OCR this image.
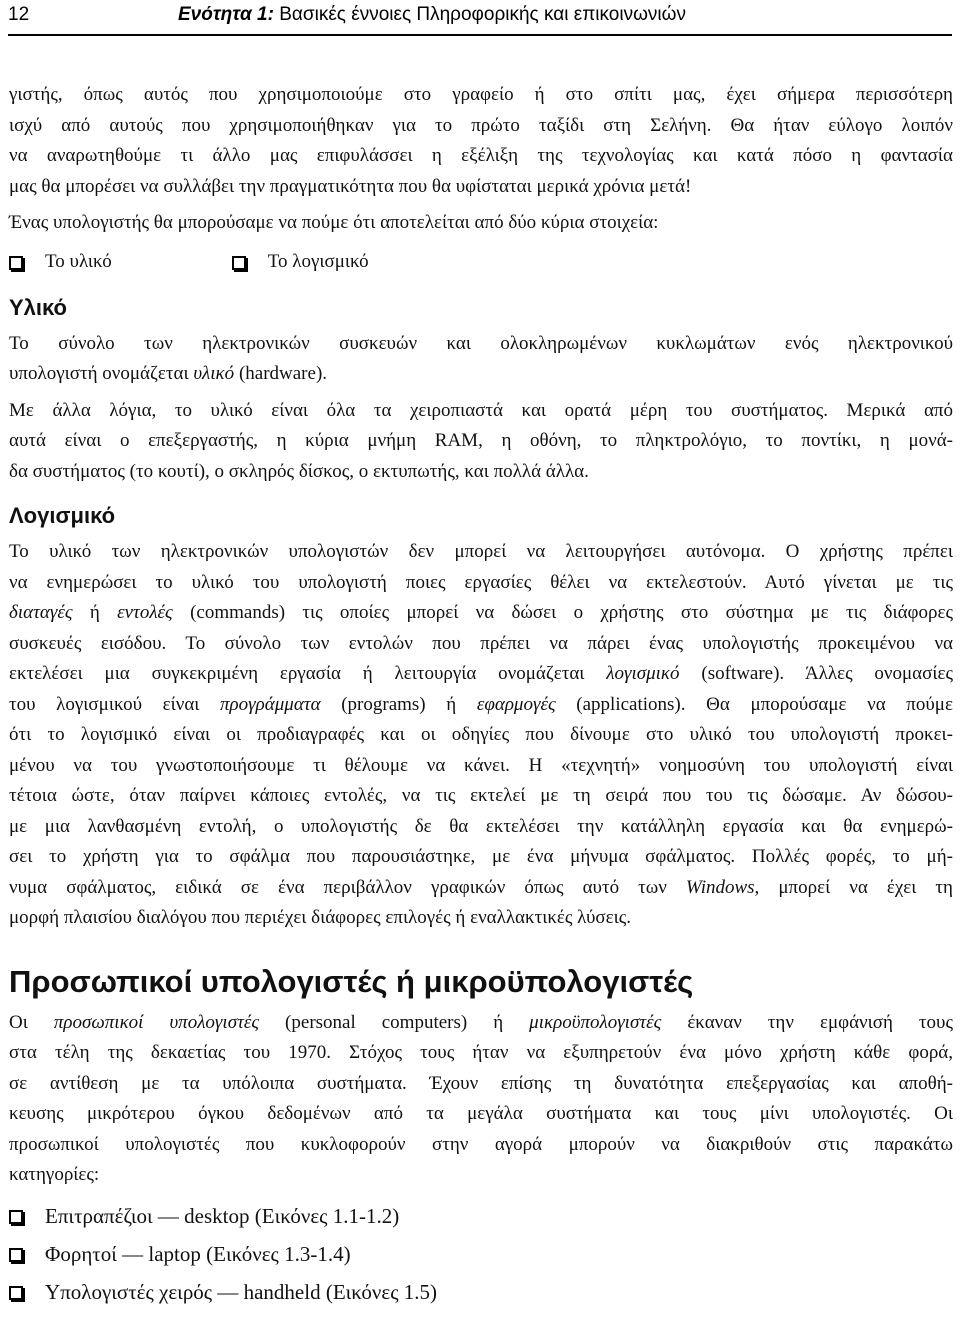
12	Ενότητα 1: Βασικές έννοιες Πληροφορικής και επικοινωνιών
γιστής, όπως αυτός που χρησιμοποιούμε στο γραφείο ή στο σπίτι μας, έχει σήμερα περισσότερη
ισχύ από αυτούς που χρησιμοποιήθηκαν για το πρώτο ταξίδι στη Σελήνη. Θα ήταν εύλογο λοιπόν
να αναρωτηθούμε τι άλλο μας επιφυλάσσει η εξέλιξη της τεχνολογίας και κατά πόσο η φαντασία
μας θα μπορέσει να συλλάβει την πραγματικότητα που θα υφίσταται μερικά χρόνια μετά!
Ένας υπολογιστής θα μπορούσαμε να πούμε ότι αποτελείται από δύο κύρια στοιχεία:
Το υλικό	Το λογισμικό
Υλικό
Το σύνολο των ηλεκτρονικών συσκευών και ολοκληρωμένων κυκλωμάτων ενός ηλεκτρονικού
υπολογιστή ονομάζεται υλικό (hardware).
Με άλλα λόγια, το υλικό είναι όλα τα χειροπιαστά και ορατά μέρη του συστήματος. Μερικά από
αυτά είναι ο επεξεργαστής, η κύρια μνήμη RAM, η οθόνη, το πληκτρολόγιο, το ποντίκι, η μονά-
δα συστήματος (το κουτί), ο σκληρός δίσκος, ο εκτυπωτής, και πολλά άλλα.
Λογισμικό
Το υλικό των ηλεκτρονικών υπολογιστών δεν μπορεί να λειτουργήσει αυτόνομα. Ο χρήστης πρέπει
να ενημερώσει το υλικό του υπολογιστή ποιες εργασίες θέλει να εκτελεστούν. Αυτό γίνεται με τις
διαταγές ή εντολές (commands) τις οποίες μπορεί να δώσει ο χρήστης στο σύστημα με τις διάφορες
συσκευές εισόδου. Το σύνολο των εντολών που πρέπει να πάρει ένας υπολογιστής προκειμένου να
εκτελέσει μια συγκεκριμένη εργασία ή λειτουργία ονομάζεται λογισμικό (software). Άλλες ονομασίες
του λογισμικού είναι προγράμματα (programs) ή εφαρμογές (applications). Θα μπορούσαμε να πούμε
ότι το λογισμικό είναι οι προδιαγραφές και οι οδηγίες που δίνουμε στο υλικό του υπολογιστή προκει-
μένου να του γνωστοποιήσουμε τι θέλουμε να κάνει. Η «τεχνητή» νοημοσύνη του υπολογιστή είναι
τέτοια ώστε, όταν παίρνει κάποιες εντολές, να τις εκτελεί με τη σειρά που του τις δώσαμε. Αν δώσου-
με μια λανθασμένη εντολή, ο υπολογιστής δε θα εκτελέσει την κατάλληλη εργασία και θα ενημερώ-
σει το χρήστη για το σφάλμα που παρουσιάστηκε, με ένα μήνυμα σφάλματος. Πολλές φορές, το μή-
νυμα σφάλματος, ειδικά σε ένα περιβάλλον γραφικών όπως αυτό των Windows, μπορεί να έχει τη
μορφή πλαισίου διαλόγου που περιέχει διάφορες επιλογές ή εναλλακτικές λύσεις.
Προσωπικοί υπολογιστές ή μικροϋπολογιστές
Οι προσωπικοί υπολογιστές (personal computers) ή μικροϋπολογιστές έκαναν την εμφάνισή τους
στα τέλη της δεκαετίας του 1970. Στόχος τους ήταν να εξυπηρετούν ένα μόνο χρήστη κάθε φορά,
σε αντίθεση με τα υπόλοιπα συστήματα. Έχουν επίσης τη δυνατότητα επεξεργασίας και αποθή-
κευσης μικρότερου όγκου δεδομένων από τα μεγάλα συστήματα και τους μίνι υπολογιστές. Οι
προσωπικοί υπολογιστές που κυκλοφορούν στην αγορά μπορούν να διακριθούν στις παρακάτω
κατηγορίες:
Επιτραπέζιοι — desktop (Εικόνες 1.1-1.2)
Φορητοί — laptop (Εικόνες 1.3-1.4)
Υπολογιστές χειρός — handheld (Εικόνες 1.5)
